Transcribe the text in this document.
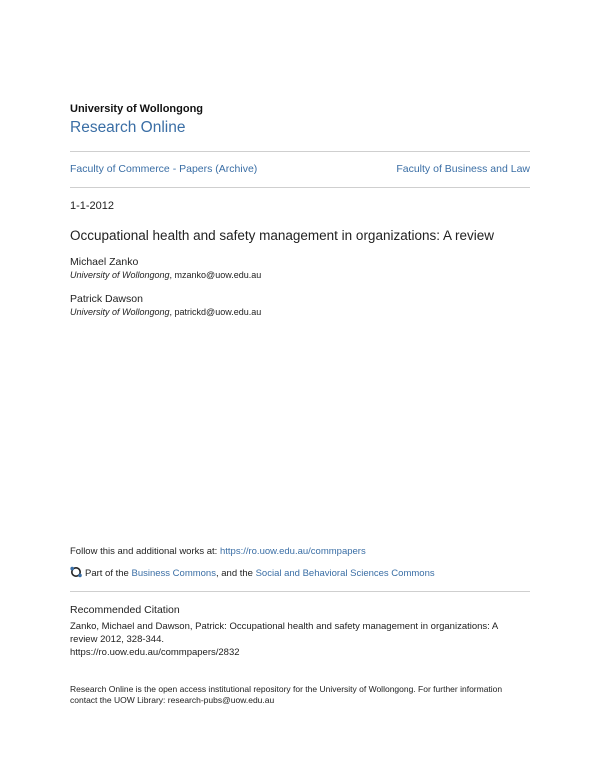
University of Wollongong
Research Online
Faculty of Commerce - Papers (Archive)	Faculty of Business and Law
1-1-2012
Occupational health and safety management in organizations: A review
Michael Zanko
University of Wollongong, mzanko@uow.edu.au
Patrick Dawson
University of Wollongong, patrickd@uow.edu.au
Follow this and additional works at: https://ro.uow.edu.au/commpapers
Part of the Business Commons, and the Social and Behavioral Sciences Commons
Recommended Citation
Zanko, Michael and Dawson, Patrick: Occupational health and safety management in organizations: A
review 2012, 328-344.
https://ro.uow.edu.au/commpapers/2832
Research Online is the open access institutional repository for the University of Wollongong. For further information
contact the UOW Library: research-pubs@uow.edu.au
